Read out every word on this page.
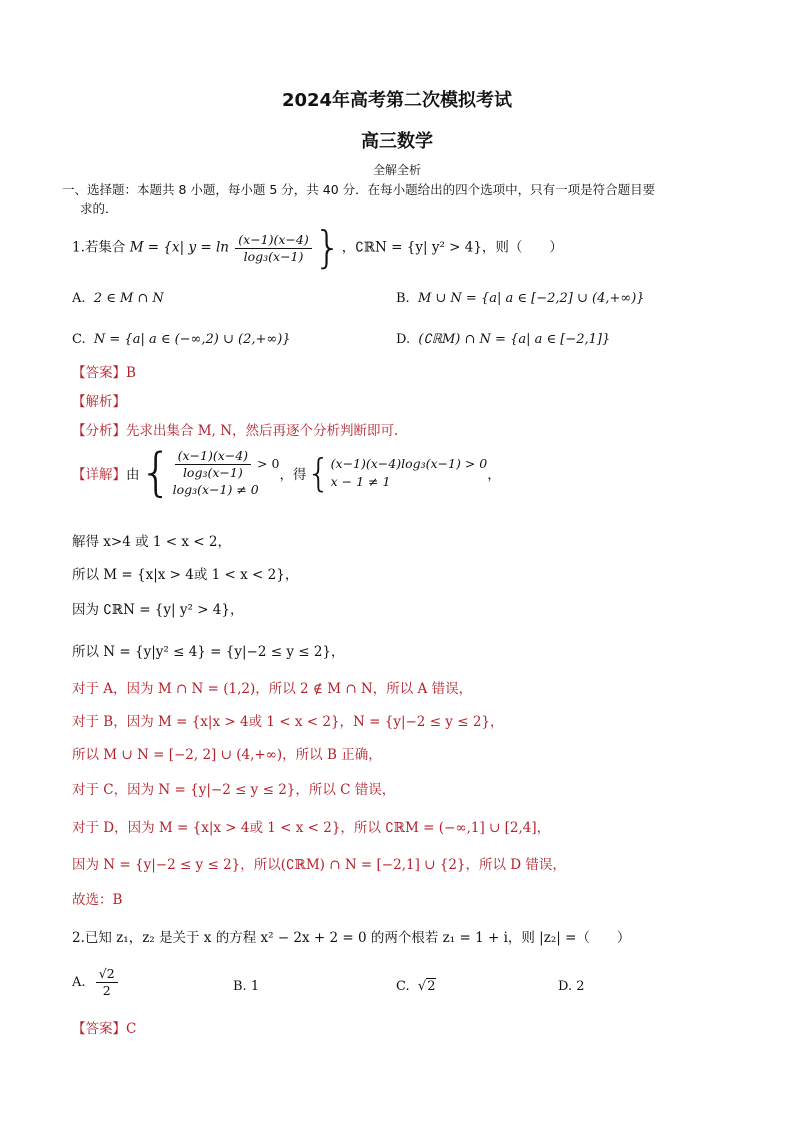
2024年高考第二次模拟考试
高三数学
全解全析
一、选择题：本题共 8 小题，每小题 5 分，共 40 分．在每小题给出的四个选项中，只有一项是符合题目要
求的．
1.若集合 M = {x| $y = \ln \frac{(x-1)(x-4)}{\text{log₃(x−1)}}$ }，∁ℝN = {y| y² > 4}，则（　　）
A. 2 ∈ M ∩ N	B. M ∪ N = {a| a ∈ [−2,2] ∪ (4,+∞)}
C. N = {a| a ∈ (−∞,2) ∪ (2,+∞)}	D. (∁ℝM) ∩ N = {a| a ∈ [−2,1]}
【答案】B
【解析】
【分析】先求出集合 M, N，然后再逐个分析判断即可.
【详解】 由 { $\frac{(x-1)(x-4)}{\text{log₃(x−1)}} > 0$
log₃(x−1) ≠ 0
，得 { (x−1)(x−4)log₃(x−1) > 0
x − 1 ≠ 1	，
解得 x>4 或 1 < x < 2，
所以 M = {x|x > 4或 1 < x < 2}，
因为 ∁ℝN = {y| y² > 4}，
所以 N = {y|y² ≤ 4} = {y|−2 ≤ y ≤ 2}，
对于 A，因为 M ∩ N = (1,2)，所以 2 ∉ M ∩ N，所以 A 错误，
对于 B，因为 M = {x|x > 4或 1 < x < 2}，N = {y|−2 ≤ y ≤ 2}，
所以 M ∪ N = [−2, 2] ∪ (4,+∞)，所以 B 正确，
对于 C，因为 N = {y|−2 ≤ y ≤ 2}，所以 C 错误，
对于 D，因为 M = {x|x > 4或 1 < x < 2}，所以 ∁ℝM = (−∞,1] ∪ [2,4]，
因为 N = {y|−2 ≤ y ≤ 2}，所以(∁ℝM) ∩ N = [−2,1] ∪ {2}，所以 D 错误，
故选：B
2.已知 z₁，z₂ 是关于 x 的方程 x² − 2x + 2 = 0 的两个根若 z₁ = 1 + i，则 |z₂| =（　　）
A.
$\frac{√2}{2}$	B. 1	C. √2	D. 2
【答案】C
